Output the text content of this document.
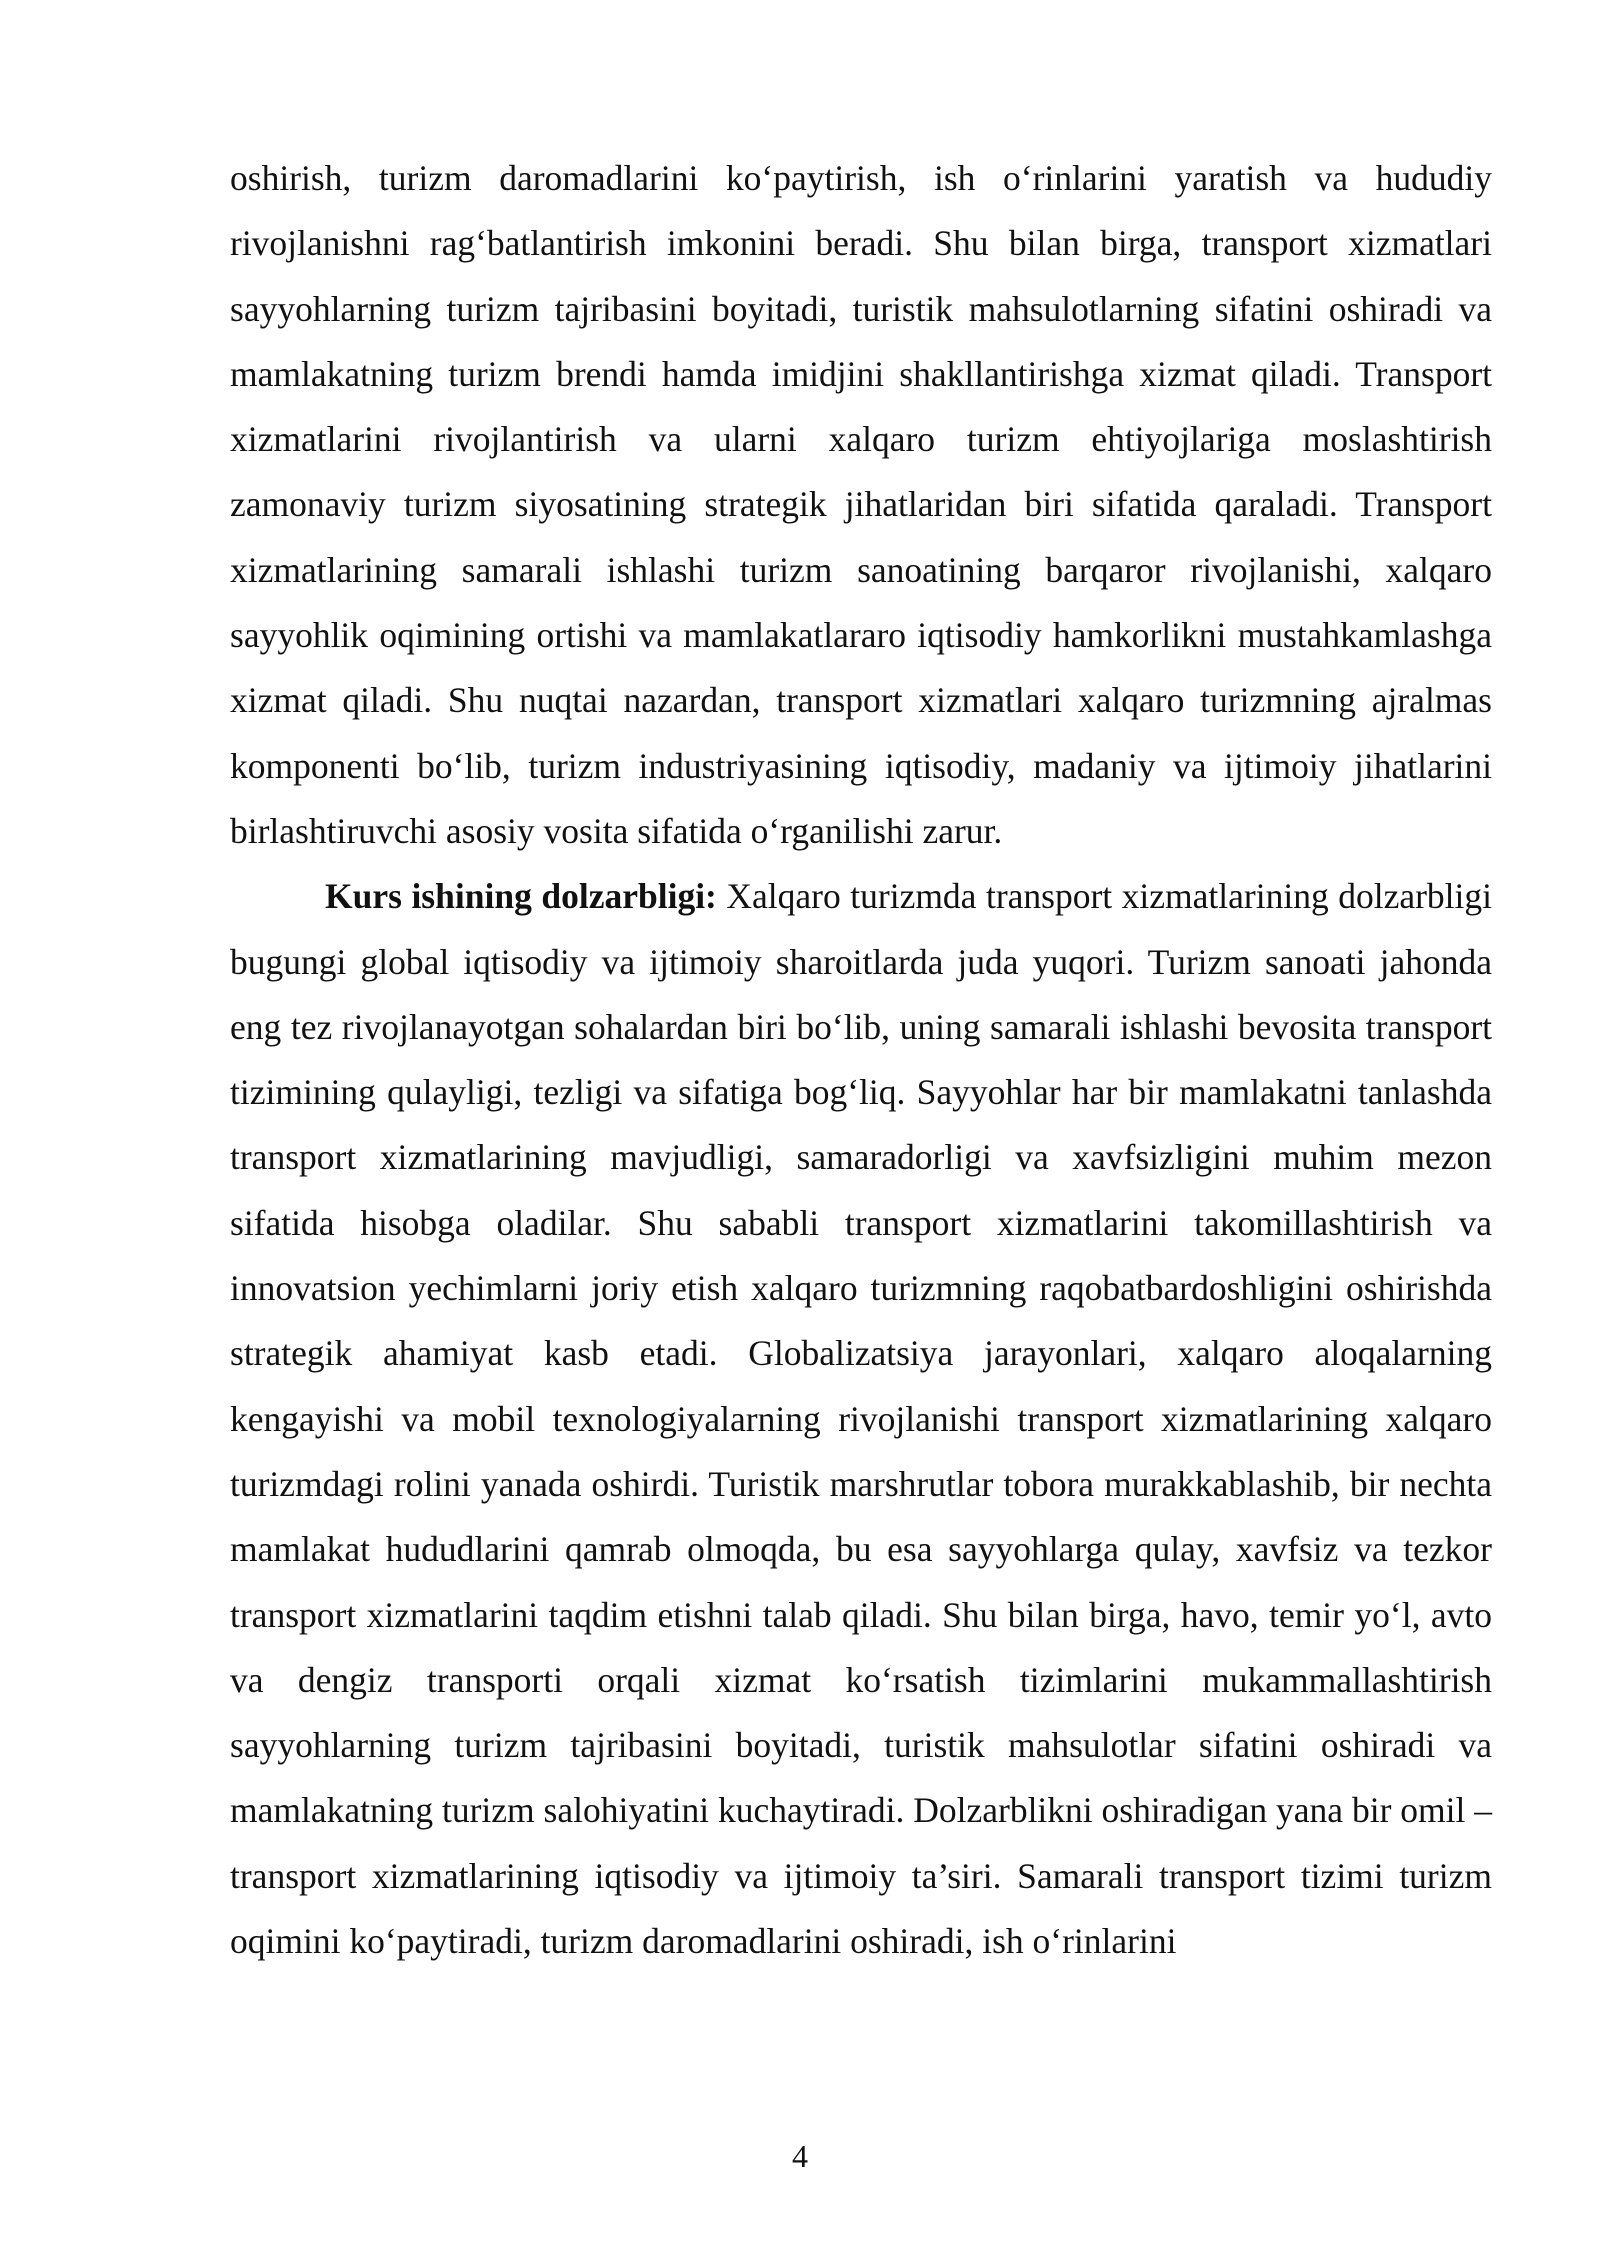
oshirish, turizm daromadlarini ko‘paytirish, ish o‘rinlarini yaratish va hududiy rivojlanishni rag‘batlantirish imkonini beradi. Shu bilan birga, transport xizmatlari sayyohlarning turizm tajribasini boyitadi, turistik mahsulotlarning sifatini oshiradi va mamlakatning turizm brendi hamda imidjini shakllantirishga xizmat qiladi. Transport xizmatlarini rivojlantirish va ularni xalqaro turizm ehtiyojlariga moslashtirish zamonaviy turizm siyosatining strategik jihatlaridan biri sifatida qaraladi. Transport xizmatlarining samarali ishlashi turizm sanoatining barqaror rivojlanishi, xalqaro sayyohlik oqimining ortishi va mamlakatlararo iqtisodiy hamkorlikni mustahkamlashga xizmat qiladi. Shu nuqtai nazardan, transport xizmatlari xalqaro turizmning ajralmas komponenti bo‘lib, turizm industriyasining iqtisodiy, madaniy va ijtimoiy jihatlarini birlashtiruvchi asosiy vosita sifatida o‘rganilishi zarur.

Kurs ishining dolzarbligi: Xalqaro turizmda transport xizmatlarining dolzarbligi bugungi global iqtisodiy va ijtimoiy sharoitlarda juda yuqori. Turizm sanoati jahonda eng tez rivojlanayotgan sohalardan biri bo‘lib, uning samarali ishlashi bevosita transport tizimining qulayligi, tezligi va sifatiga bog‘liq. Sayyohlar har bir mamlakatni tanlashda transport xizmatlarining mavjudligi, samaradorligi va xavfsizligini muhim mezon sifatida hisobga oladilar. Shu sababli transport xizmatlarini takomillashtirish va innovatsion yechimlarni joriy etish xalqaro turizmning raqobatbardoshligini oshirishda strategik ahamiyat kasb etadi. Globalizatsiya jarayonlari, xalqaro aloqalarning kengayishi va mobil texnologiyalarning rivojlanishi transport xizmatlarining xalqaro turizmdagi rolini yanada oshirdi. Turistik marshrutlar tobora murakkablashib, bir nechta mamlakat hududlarini qamrab olmoqda, bu esa sayyohlarga qulay, xavfsiz va tezkor transport xizmatlarini taqdim etishni talab qiladi. Shu bilan birga, havo, temir yo‘l, avto va dengiz transporti orqali xizmat ko‘rsatish tizimlarini mukammallashtirish sayyohlarning turizm tajribasini boyitadi, turistik mahsulotlar sifatini oshiradi va mamlakatning turizm salohiyatini kuchaytiradi. Dolzarblikni oshiradigan yana bir omil – transport xizmatlarining iqtisodiy va ijtimoiy ta’siri. Samarali transport tizimi turizm oqimini ko‘paytiradi, turizm daromadlarini oshiradi, ish o‘rinlarini

4
